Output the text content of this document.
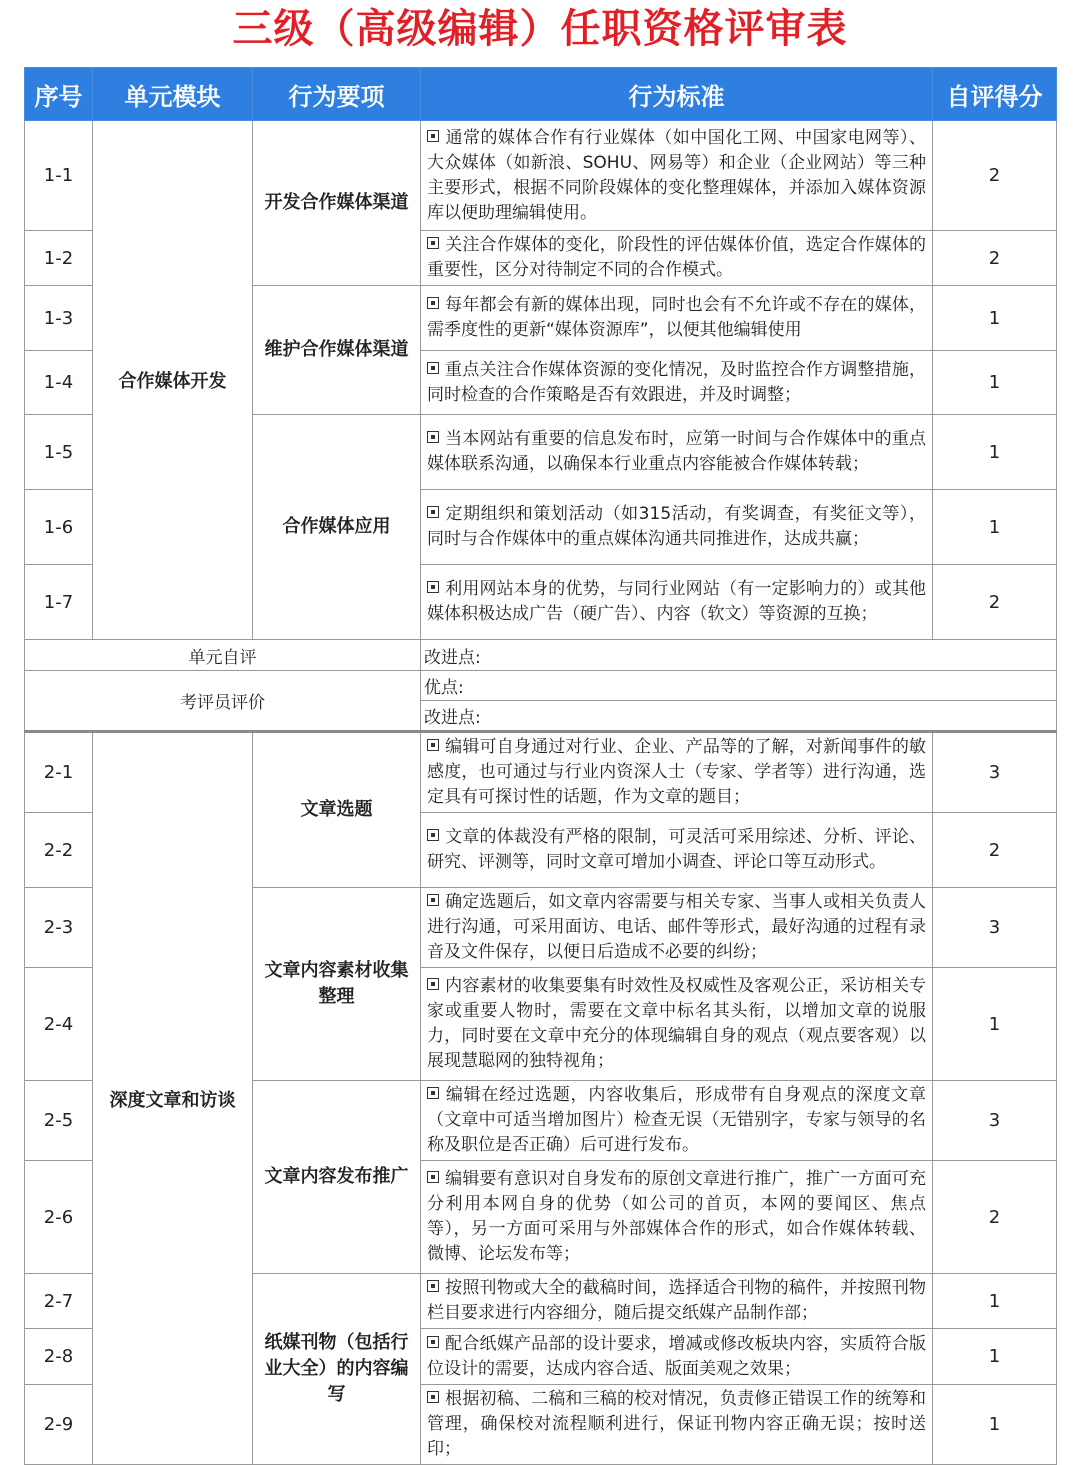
三级（高级编辑）任职资格评审表
序号	单元模块	行为要项	行为标准	自评得分
1-1	合作媒体开发	开发合作媒体渠道	通常的媒体合作有行业媒体（如中国化工网、中国家电网等）、大众媒体（如新浪、SOHU、网易等）和企业（企业网站）等三种主要形式，根据不同阶段媒体的变化整理媒体，并添加入媒体资源库以便助理编辑使用。	2
1-2			关注合作媒体的变化，阶段性的评估媒体价值，选定合作媒体的重要性，区分对待制定不同的合作模式。	2
1-3		维护合作媒体渠道	每年都会有新的媒体出现，同时也会有不允许或不存在的媒体，需季度性的更新“媒体资源库”，以便其他编辑使用	1
1-4			重点关注合作媒体资源的变化情况，及时监控合作方调整措施，同时检查的合作策略是否有效跟进，并及时调整；	1
1-5		合作媒体应用	当本网站有重要的信息发布时，应第一时间与合作媒体中的重点媒体联系沟通，以确保本行业重点内容能被合作媒体转载；	1
1-6			定期组织和策划活动（如315活动，有奖调查，有奖征文等），同时与合作媒体中的重点媒体沟通共同推进作，达成共赢；	1
1-7			利用网站本身的优势，与同行业网站（有一定影响力的）或其他媒体积极达成广告（硬广告）、内容（软文）等资源的互换；	2
单元自评			改进点:	
考评员评价			优点:	
			改进点:	
2-1	深度文章和访谈	文章选题	编辑可自身通过对行业、企业、产品等的了解，对新闻事件的敏感度，也可通过与行业内资深人士（专家、学者等）进行沟通，选定具有可探讨性的话题，作为文章的题目；	3
2-2			文章的体裁没有严格的限制，可灵活可采用综述、分析、评论、研究、评测等，同时文章可增加小调查、评论口等互动形式。	2
2-3		文章内容素材收集整理	确定选题后，如文章内容需要与相关专家、当事人或相关负责人进行沟通，可采用面访、电话、邮件等形式，最好沟通的过程有录音及文件保存，以便日后造成不必要的纠纷；	3
2-4			内容素材的收集要集有时效性及权威性及客观公正，采访相关专家或重要人物时，需要在文章中标名其头衔，以增加文章的说服力，同时要在文章中充分的体现编辑自身的观点（观点要客观）以展现慧聪网的独特视角；	1
2-5		文章内容发布推广	编辑在经过选题，内容收集后，形成带有自身观点的深度文章（文章中可适当增加图片）检查无误（无错别字，专家与领导的名称及职位是否正确）后可进行发布。	3
2-6			编辑要有意识对自身发布的原创文章进行推广，推广一方面可充分利用本网自身的优势（如公司的首页，本网的要闻区、焦点等），另一方面可采用与外部媒体合作的形式，如合作媒体转载、微博、论坛发布等；	2
2-7		纸媒刊物（包括行业大全）的内容编写	按照刊物或大全的截稿时间，选择适合刊物的稿件，并按照刊物栏目要求进行内容细分，随后提交纸媒产品制作部；	1
2-8			配合纸媒产品部的设计要求，增减或修改板块内容，实质符合版位设计的需要，达成内容合适、版面美观之效果；	1
2-9			根据初稿、二稿和三稿的校对情况，负责修正错误工作的统筹和管理，确保校对流程顺利进行，保证刊物内容正确无误；按时送印；	1
